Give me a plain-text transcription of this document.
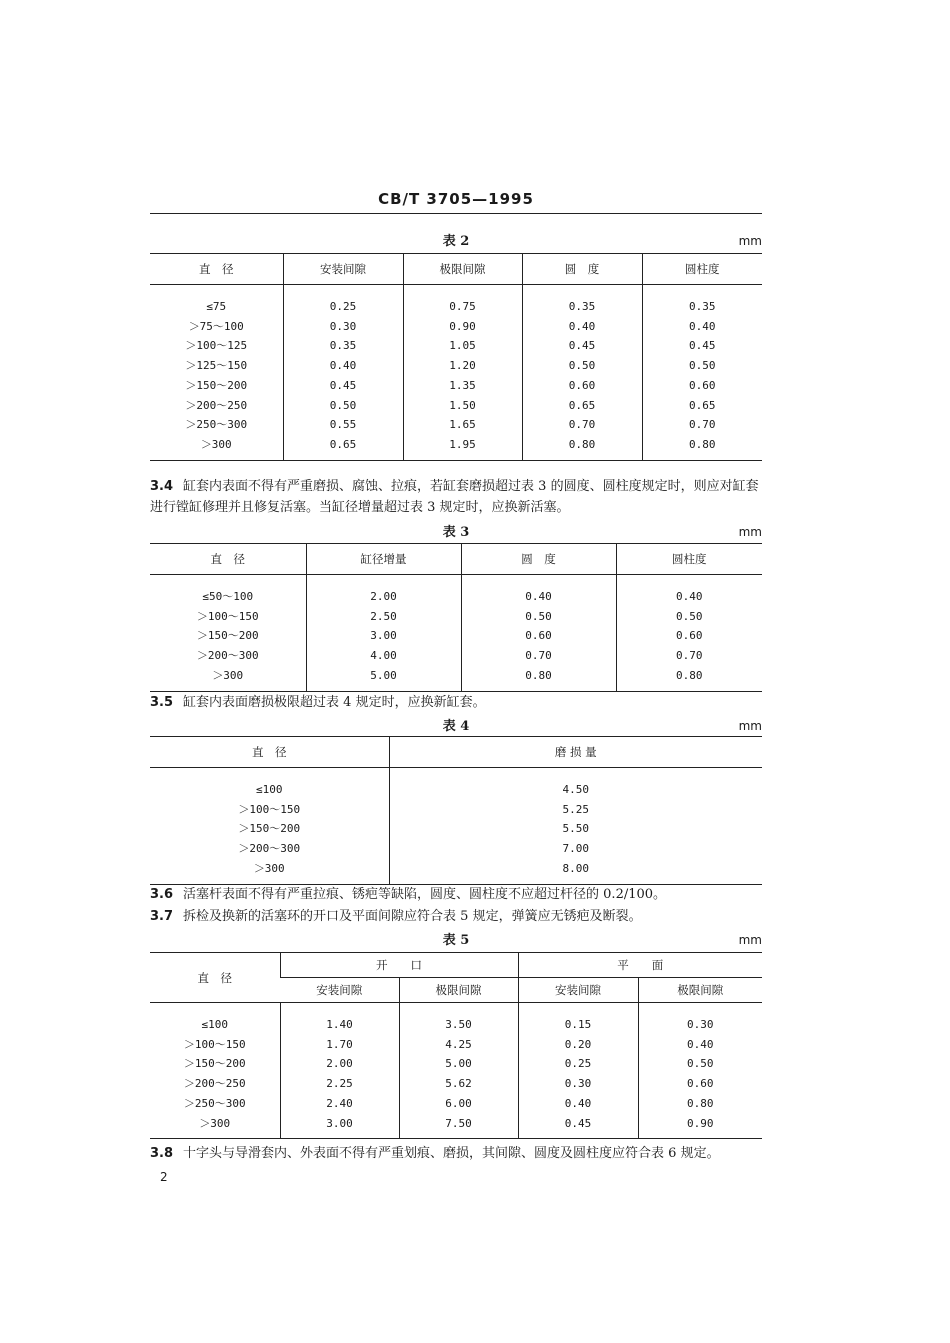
CB/T 3705—1995
表 2	mm
直　径	安装间隙	极限间隙	圆　度	圆柱度
≤75	0.25	0.75	0.35	0.35
＞75～100	0.30	0.90	0.40	0.40
＞100～125	0.35	1.05	0.45	0.45
＞125～150	0.40	1.20	0.50	0.50
＞150～200	0.45	1.35	0.60	0.60
＞200～250	0.50	1.50	0.65	0.65
＞250～300	0.55	1.65	0.70	0.70
＞300	0.65	1.95	0.80	0.80
3.4 缸套内表面不得有严重磨损、腐蚀、拉痕，若缸套磨损超过表 3 的圆度、圆柱度规定时，则应对缸套
进行镗缸修理并且修复活塞。当缸径增量超过表 3 规定时，应换新活塞。
表 3	mm
直　径	缸径增量	圆　度	圆柱度
≤50～100	2.00	0.40	0.40
＞100～150	2.50	0.50	0.50
＞150～200	3.00	0.60	0.60
＞200～300	4.00	0.70	0.70
＞300	5.00	0.80	0.80
3.5 缸套内表面磨损极限超过表 4 规定时，应换新缸套。
表 4	mm
直　径	磨 损 量
≤100	4.50
＞100～150	5.25
＞150～200	5.50
＞200～300	7.00
＞300	8.00
3.6 活塞杆表面不得有严重拉痕、锈疤等缺陷，圆度、圆柱度不应超过杆径的 0.2/100。
3.7 拆检及换新的活塞环的开口及平面间隙应符合表 5 规定，弹簧应无锈疤及断裂。
表 5	mm
直　径	开　　口		平　　面	
	安装间隙	极限间隙	安装间隙	极限间隙
≤100	1.40	3.50	0.15	0.30
＞100～150	1.70	4.25	0.20	0.40
＞150～200	2.00	5.00	0.25	0.50
＞200～250	2.25	5.62	0.30	0.60
＞250～300	2.40	6.00	0.40	0.80
＞300	3.00	7.50	0.45	0.90
3.8 十字头与导滑套内、外表面不得有严重划痕、磨损，其间隙、圆度及圆柱度应符合表 6 规定。
2
